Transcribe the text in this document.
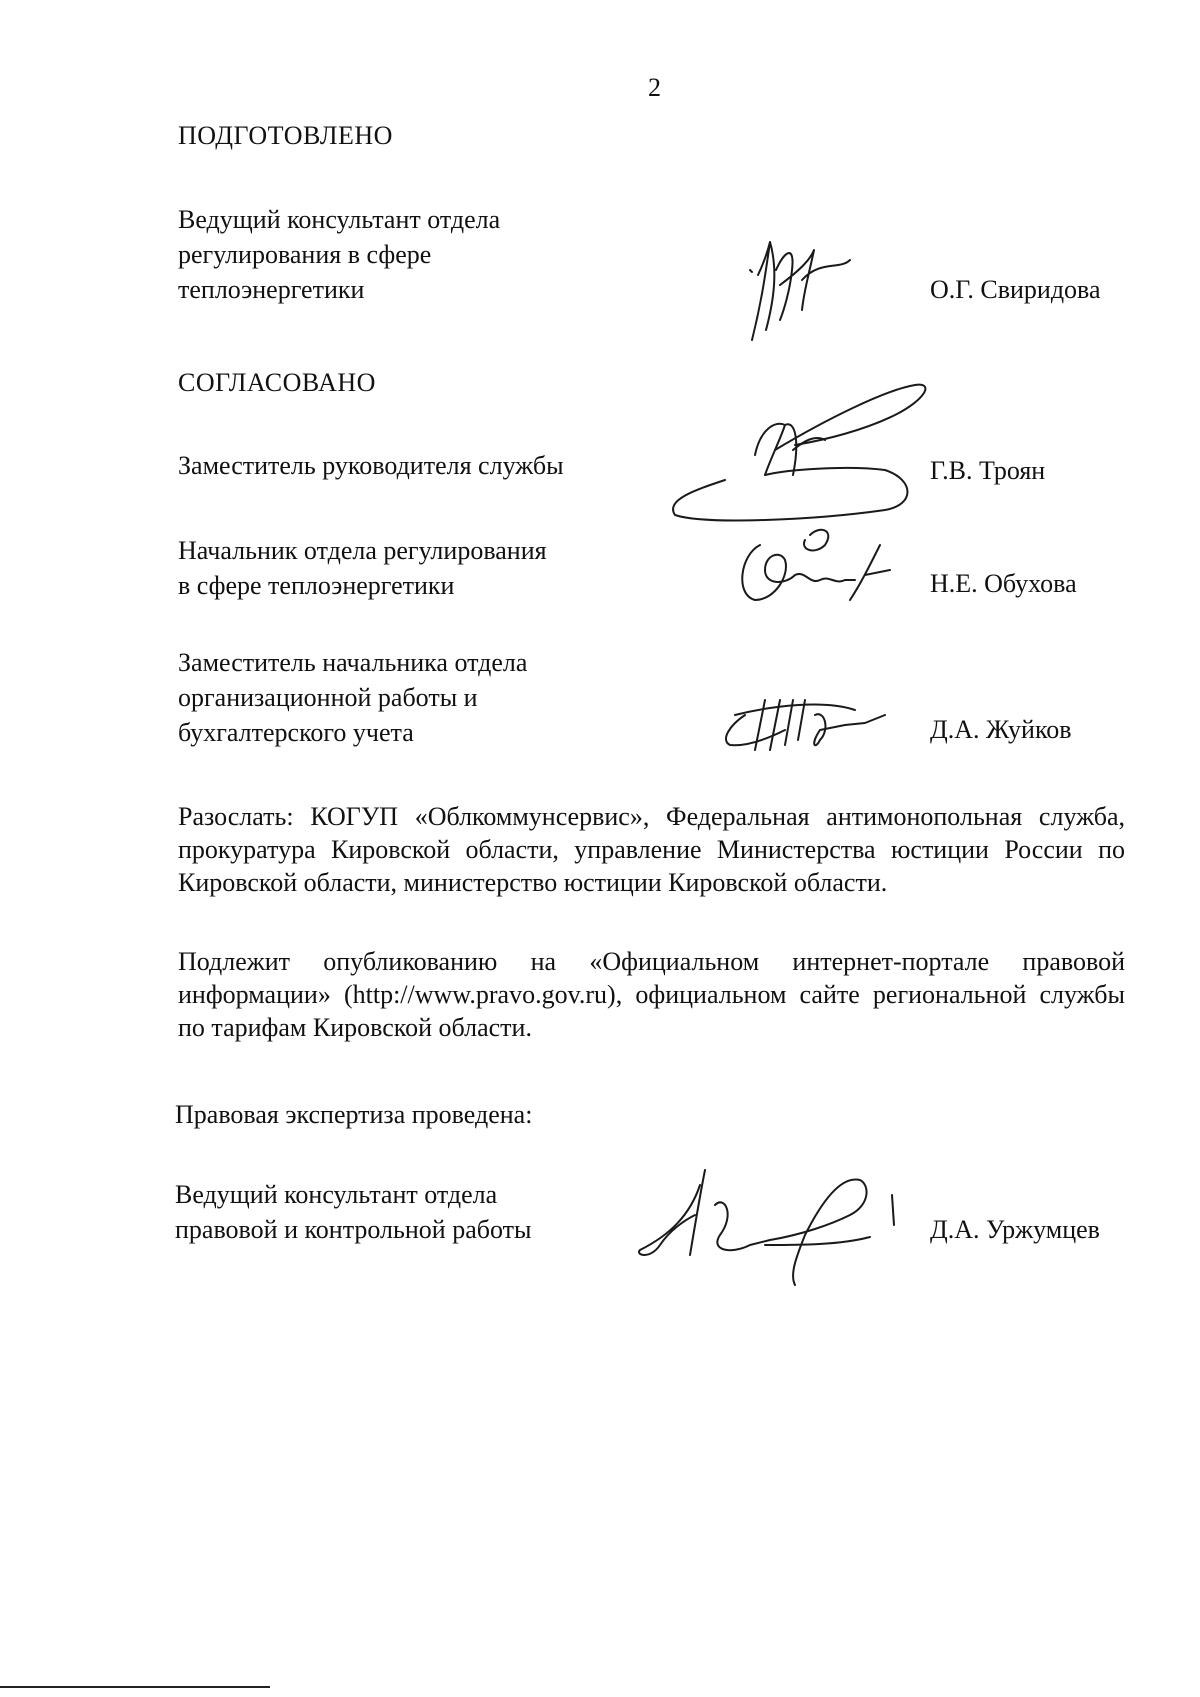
2
ПОДГОТОВЛЕНО
Ведущий консультант отдела
регулирования в сфере
теплоэнергетики	О.Г. Свиридова
СОГЛАСОВАНО
Заместитель руководителя службы	Г.В. Троян
Начальник отдела регулирования
в сфере теплоэнергетики	Н.Е. Обухова
Заместитель начальника отдела
организационной работы и
бухгалтерского учета	Д.А. Жуйков
Разослать: КОГУП «Облкоммунсервис», Федеральная антимонопольная служба, прокуратура Кировской области, управление Министерства юстиции России по Кировской области, министерство юстиции Кировской области.
Подлежит опубликованию на «Официальном интернет-портале правовой информации» (http://www.pravo.gov.ru), официальном сайте региональной службы по тарифам Кировской области.
Правовая экспертиза проведена:
Ведущий консультант отдела
правовой и контрольной работы	Д.А. Уржумцев
